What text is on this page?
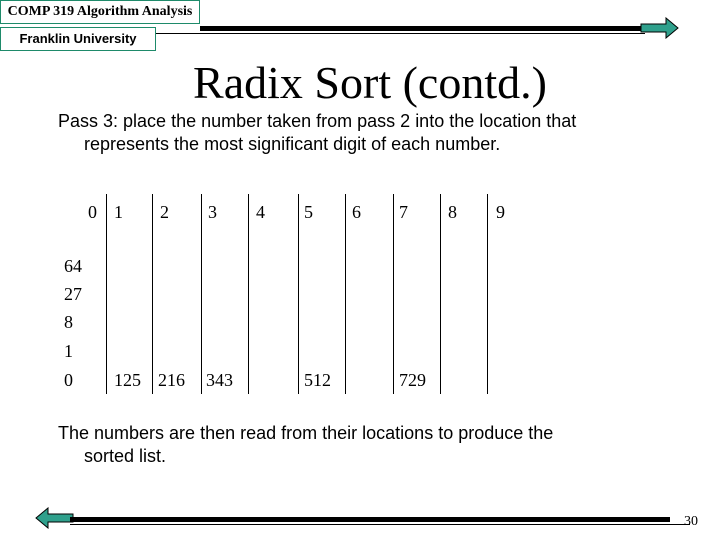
COMP 319 Algorithm Analysis
Franklin University
Radix Sort (contd.)
Pass 3: place the number taken from pass 2 into the location that
represents the most significant digit of each number.
0 1 2 3 4 5 6 7 8 9
64
27
8
1
0 125 216 343	512	729
The numbers are then read from their locations to produce the
sorted list.
30
